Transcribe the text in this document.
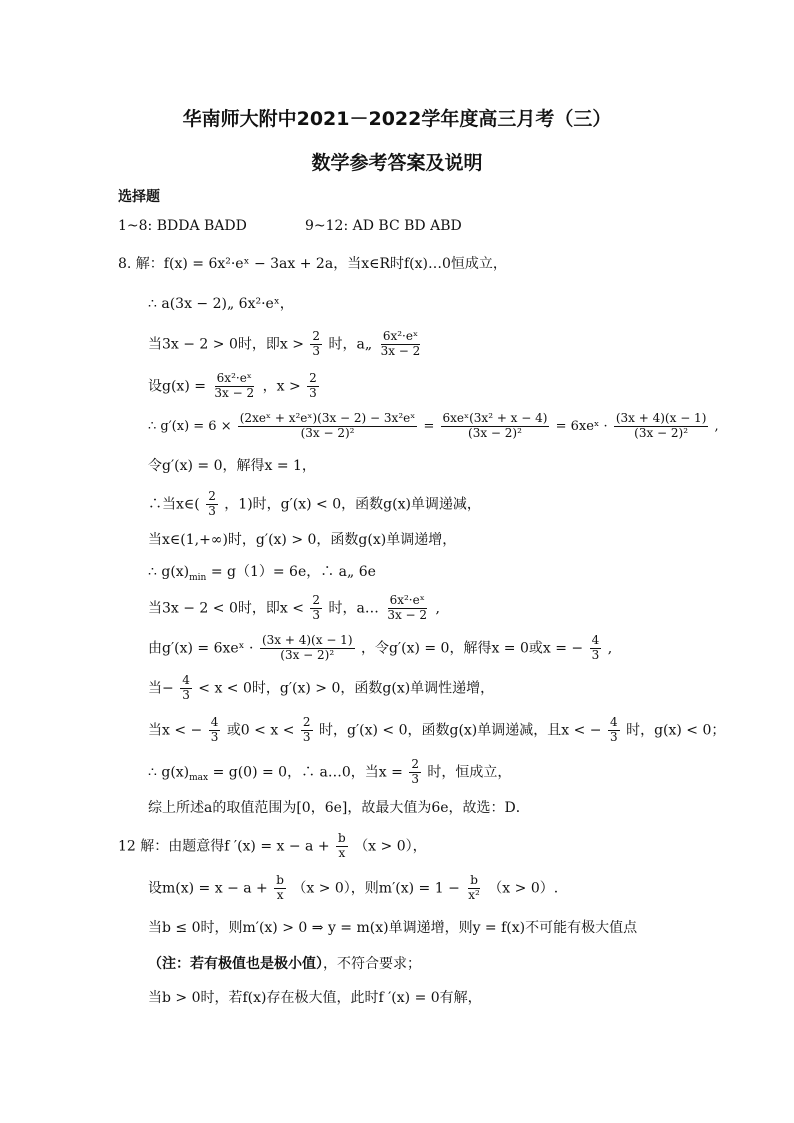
华南师大附中2021－2022学年度高三月考（三）
数学参考答案及说明
选择题
1~8: BDDA BADD	9~12: AD BC BD ABD
8. 解：f(x) = 6x²·eˣ − 3ax + 2a，当x∈R时f(x)…0恒成立，
∴ a(3x − 2)„ 6x²·eˣ，
当3x − 2 > 0时，即$x > \frac{2}{3}$ 时，a„ $\frac{\text{6x²·eˣ}}{3x - 2}$
设$g(x) = \frac{\text{6x²·eˣ}}{3x - 2}$ ，$x > \frac{2}{3}$
∴ $g'(x) = 6 \times \frac{\text{(2xeˣ + x²eˣ)(3x − 2) − 3x²eˣ}}{\text{(3x − 2)²}} = \frac{\text{6xeˣ(3x² + x − 4)}}{\text{(3x − 2)²}}$ = 6xeˣ · $\frac{(3x + 4)(x - 1)}{\text{(3x − 2)²}}$ ,
令g′(x) = 0，解得x = 1，
∴当x∈( $\frac{2}{3}$ ，1)时，g′(x) < 0，函数g(x)单调递减，
当x∈(1,+∞)时，g′(x) > 0，函数g(x)单调递增，
∴ $g(x)_{min} = g(1)= 6e$，∴ a„ 6e
当3x − 2 < 0时，即$x < \frac{2}{3}$ 时，a… $\frac{\text{6x²·eˣ}}{3x - 2}$ ,
由g′(x) = 6xeˣ · $\frac{(3x + 4)(x - 1)}{\text{(3x − 2)²}}$ ，令g′(x) = 0，解得x = 0或x = − $\frac{4}{3}$ ,
当− $\frac{4}{3} < x < 0$时，g′(x) > 0，函数g(x)单调性递增，
当x < − $\frac{4}{3}$ 或$0 < x < \frac{2}{3}$ 时，g′(x) < 0，函数g(x)单调递减，且x < − $\frac{4}{3}$ 时，g(x) < 0；
∴ $g(x)_{max} = g(0) = 0$，∴ a…0，当$x = \frac{2}{3}$ 时，恒成立，
综上所述a的取值范围为[0，6e]，故最大值为6e，故选：D．
12 解：由题意得f $'(x) = x - a + \frac{b}{x} (x > 0)$，
设$m(x) = x - a + \frac{b}{x} (x > 0)$，则$m'(x) = 1 - \frac{b}{\text{x²}} (x > 0)$.
当b ≤ 0时，则m′(x) > 0 ⇒ y = m(x)单调递增，则y = f(x)不可能有极大值点
（注：若有极值也是极小值），不符合要求；
当b > 0时，若f(x)存在极大值，此时f ′(x) = 0有解，
